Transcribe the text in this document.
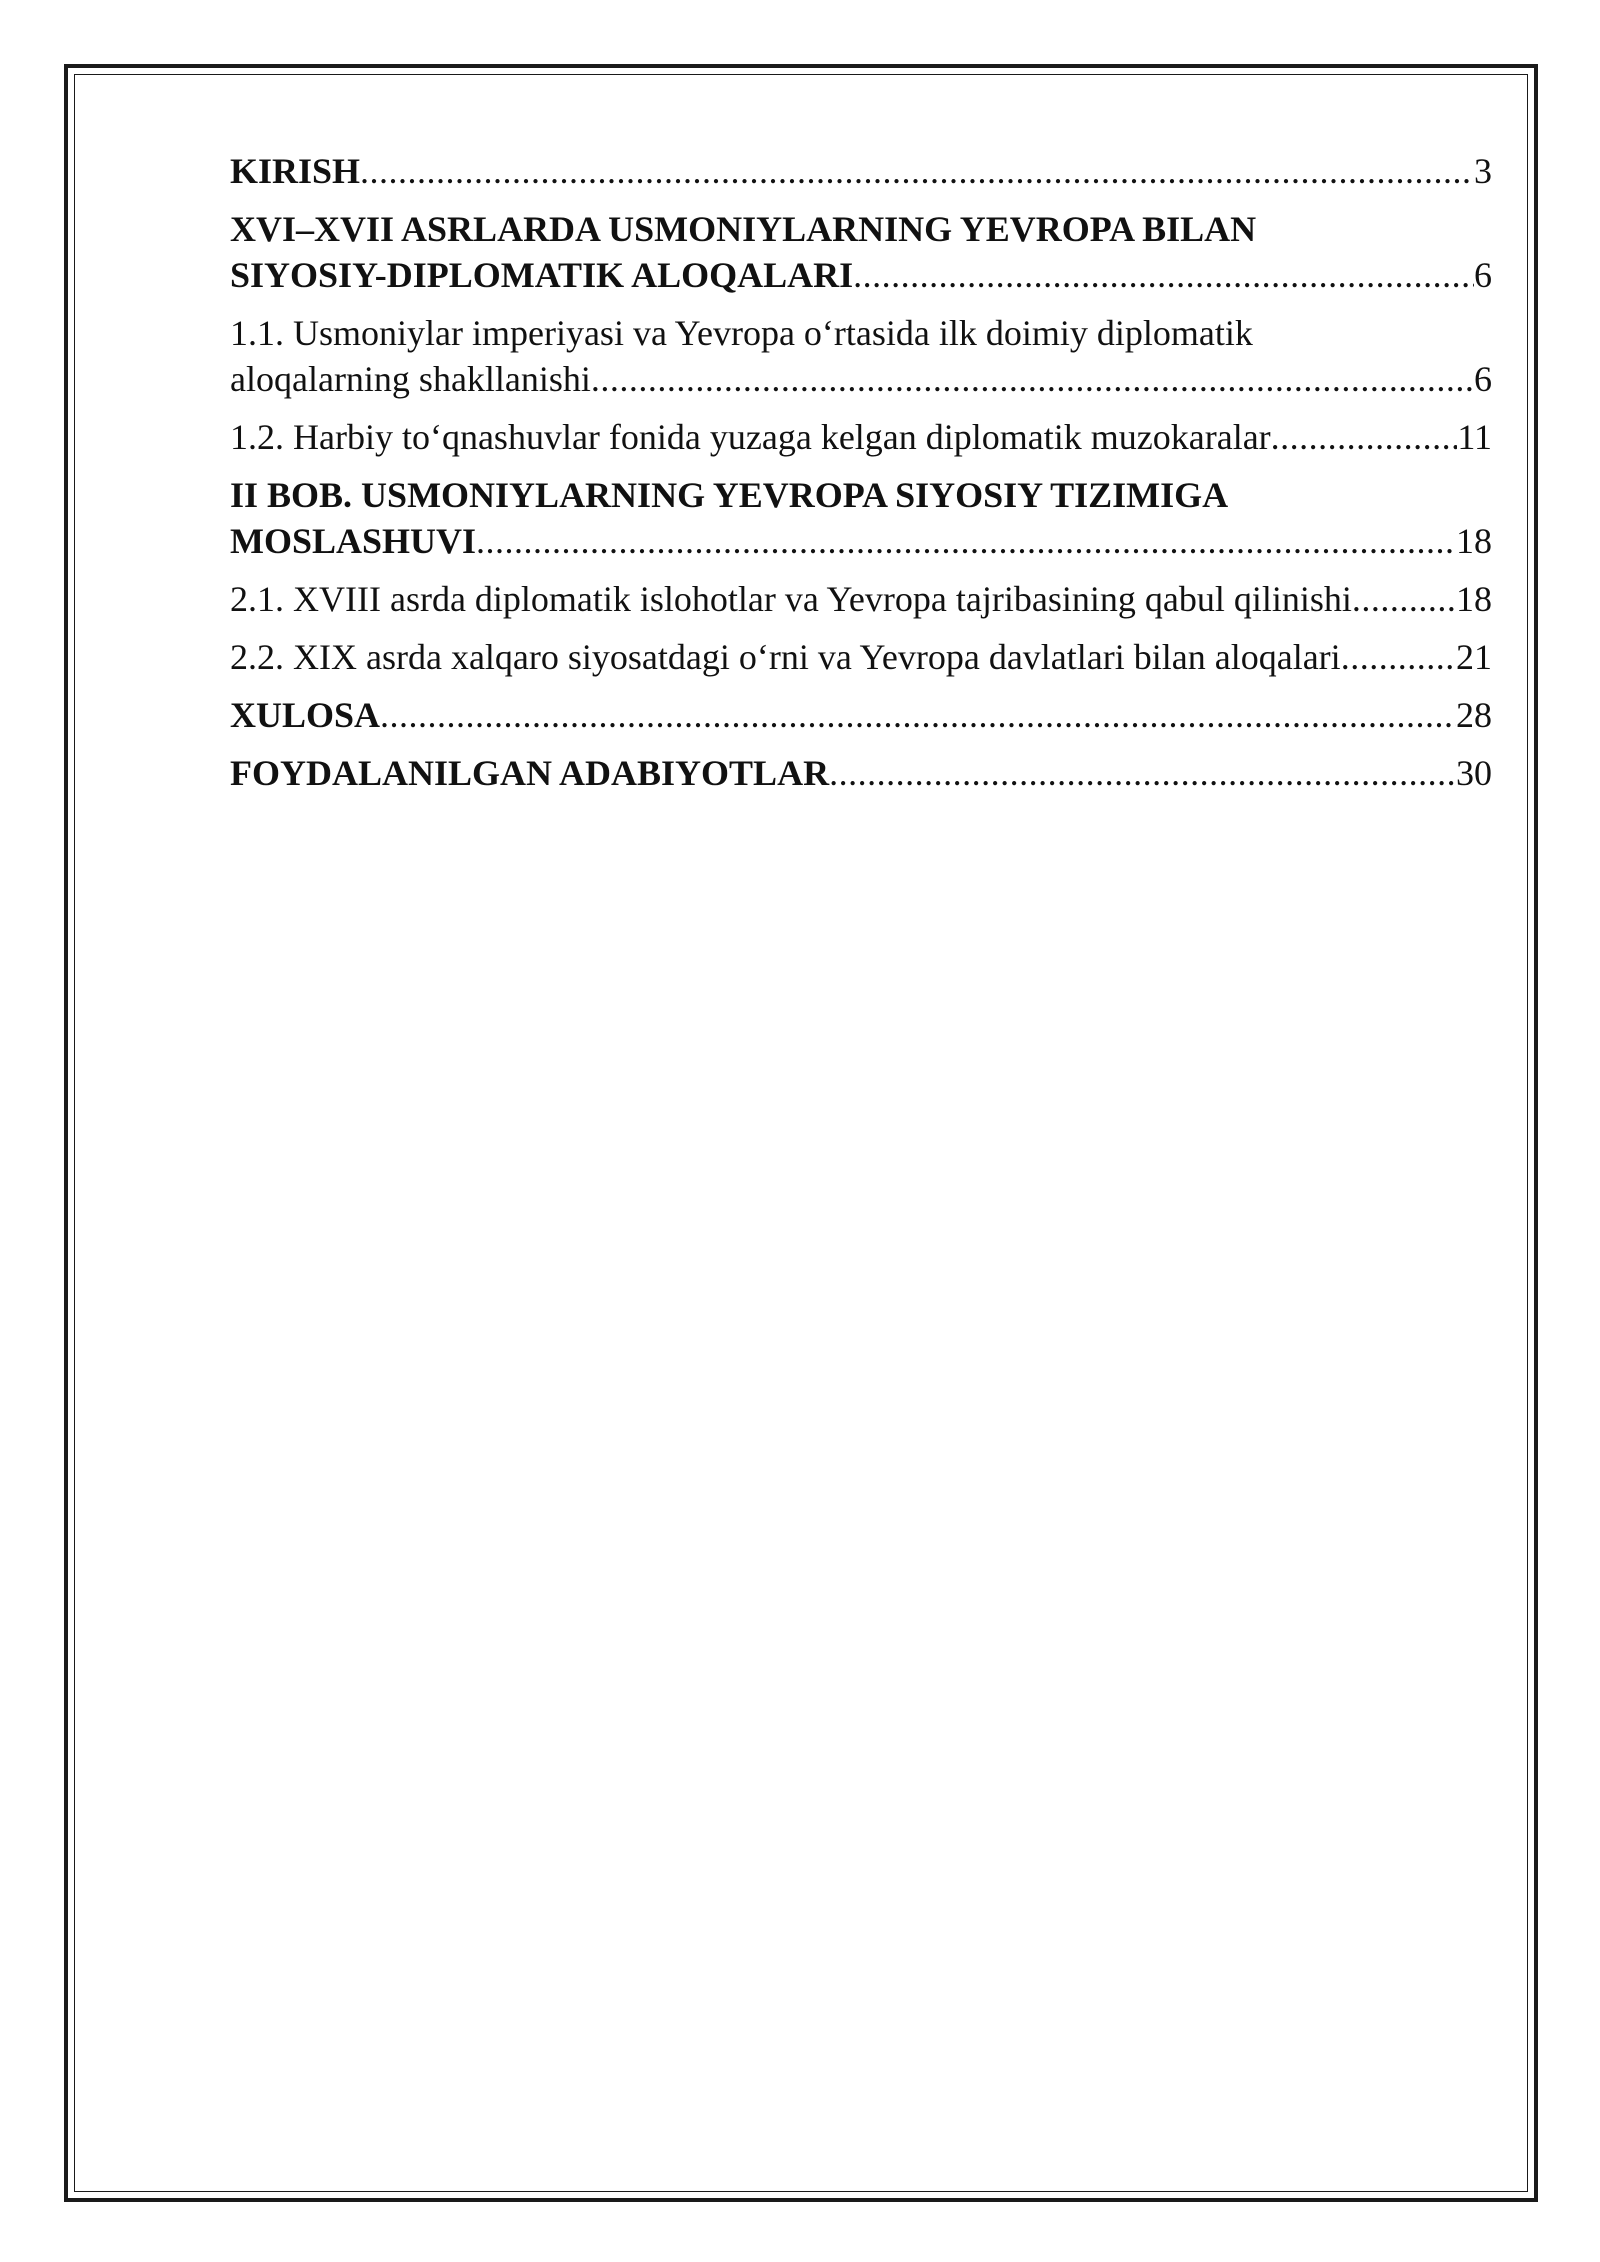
KIRISH .....	3
XVI–XVII ASRLARDA USMONIYLARNING YEVROPA BILAN
SIYOSIY-DIPLOMATIK ALOQALARI .....	6
1.1. Usmoniylar imperiyasi va Yevropa o‘rtasida ilk doimiy diplomatik
aloqalarning shakllanishi .....	6
1.2. Harbiy to‘qnashuvlar fonida yuzaga kelgan diplomatik muzokaralar .....	11
II BOB. USMONIYLARNING YEVROPA SIYOSIY TIZIMIGA
MOSLASHUVI .....	18
2.1. XVIII asrda diplomatik islohotlar va Yevropa tajribasining qabul qilinishi .....	18
2.2. XIX asrda xalqaro siyosatdagi o‘rni va Yevropa davlatlari bilan aloqalari .....	21
XULOSA .....	28
FOYDALANILGAN ADABIYOTLAR .....	30
